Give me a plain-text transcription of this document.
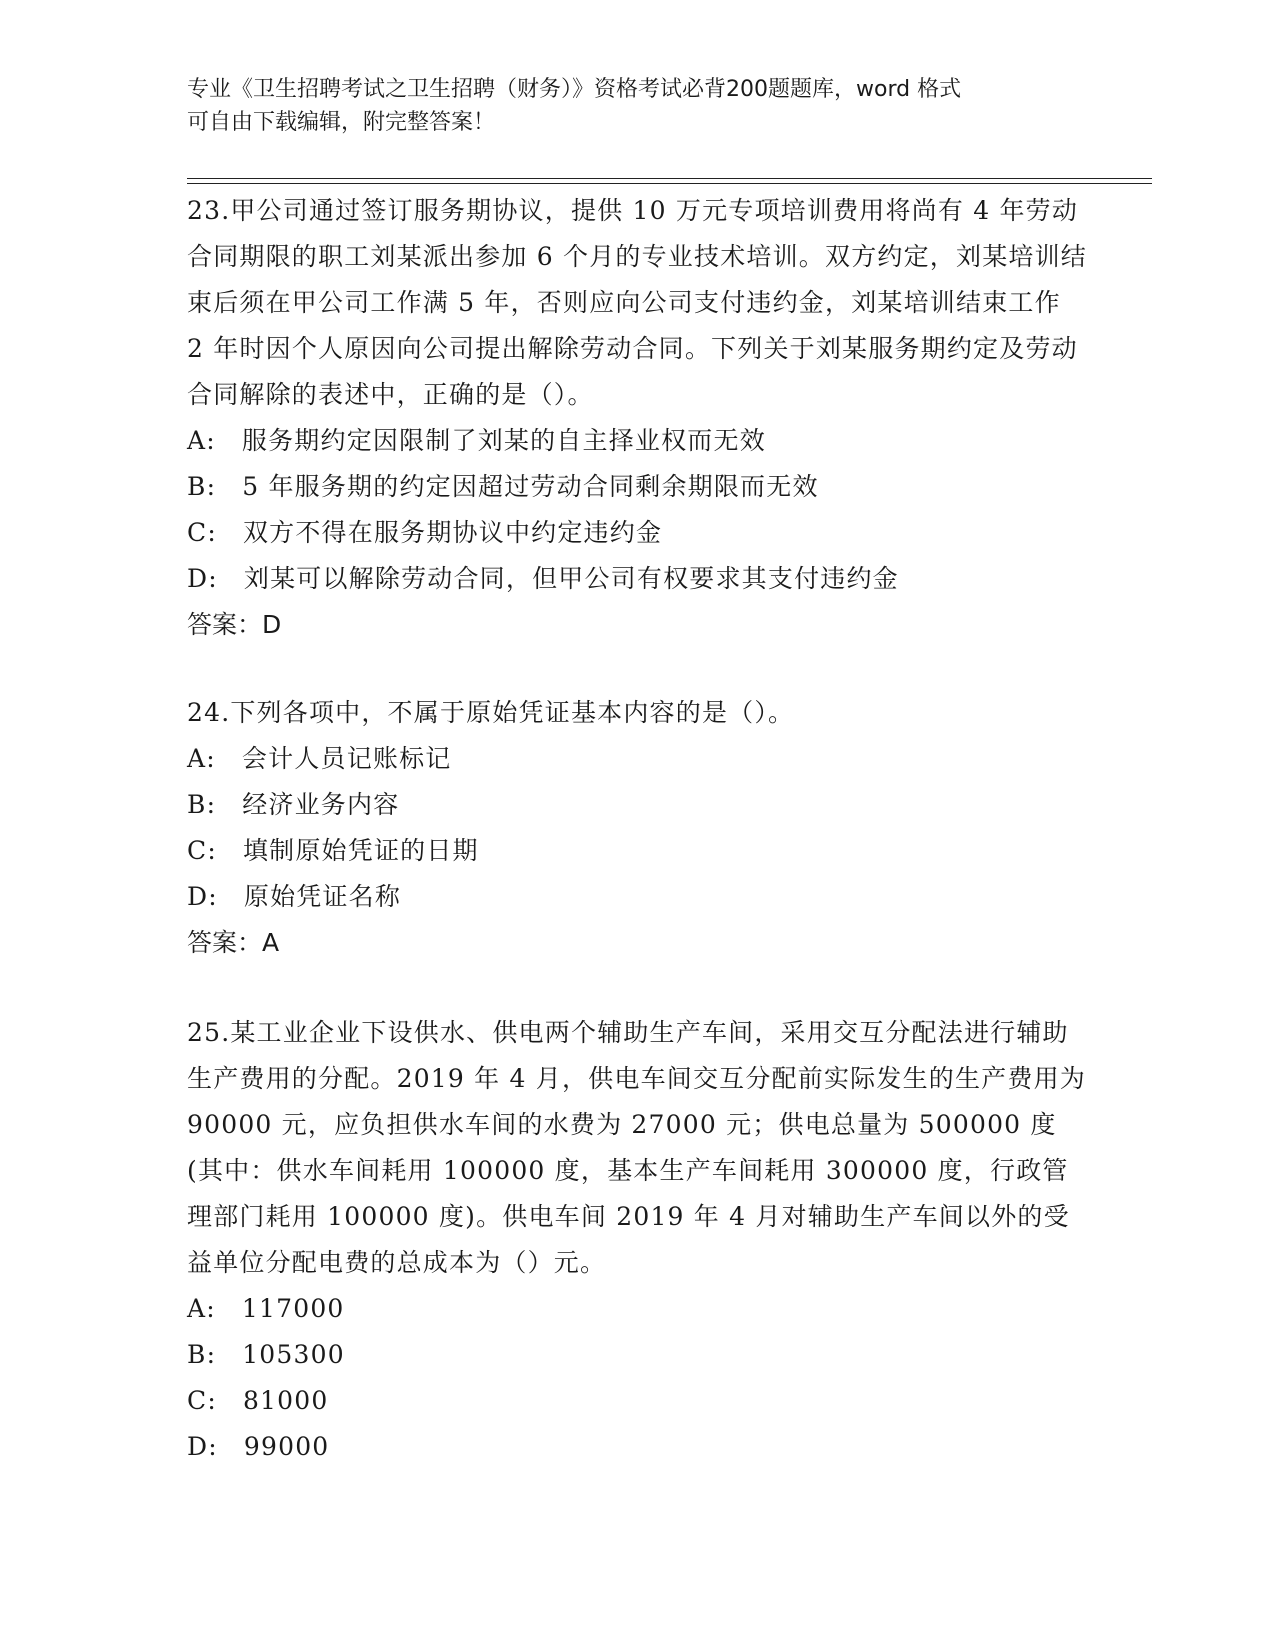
专业《卫生招聘考试之卫生招聘（财务）》资格考试必背200题题库，word 格式
可自由下载编辑，附完整答案！

23.甲公司通过签订服务期协议，提供 10 万元专项培训费用将尚有 4 年劳动合同期限的职工刘某派出参加 6 个月的专业技术培训。双方约定，刘某培训结束后须在甲公司工作满 5 年，否则应向公司支付违约金，刘某培训结束工作 2 年时因个人原因向公司提出解除劳动合同。下列关于刘某服务期约定及劳动合同解除的表述中，正确的是（）。

A: 服务期约定因限制了刘某的自主择业权而无效

B: 5 年服务期的约定因超过劳动合同剩余期限而无效

C: 双方不得在服务期协议中约定违约金

D: 刘某可以解除劳动合同，但甲公司有权要求其支付违约金

答案：D

24.下列各项中，不属于原始凭证基本内容的是（）。

A: 会计人员记账标记

B: 经济业务内容

C: 填制原始凭证的日期

D: 原始凭证名称

答案：A

25.某工业企业下设供水、供电两个辅助生产车间，采用交互分配法进行辅助生产费用的分配。2019 年 4 月，供电车间交互分配前实际发生的生产费用为 90000 元，应负担供水车间的水费为 27000 元；供电总量为 500000 度(其中：供水车间耗用 100000 度，基本生产车间耗用 300000 度，行政管理部门耗用 100000 度)。供电车间 2019 年 4 月对辅助生产车间以外的受益单位分配电费的总成本为（）元。

A: 117000

B: 105300

C: 81000

D: 99000
